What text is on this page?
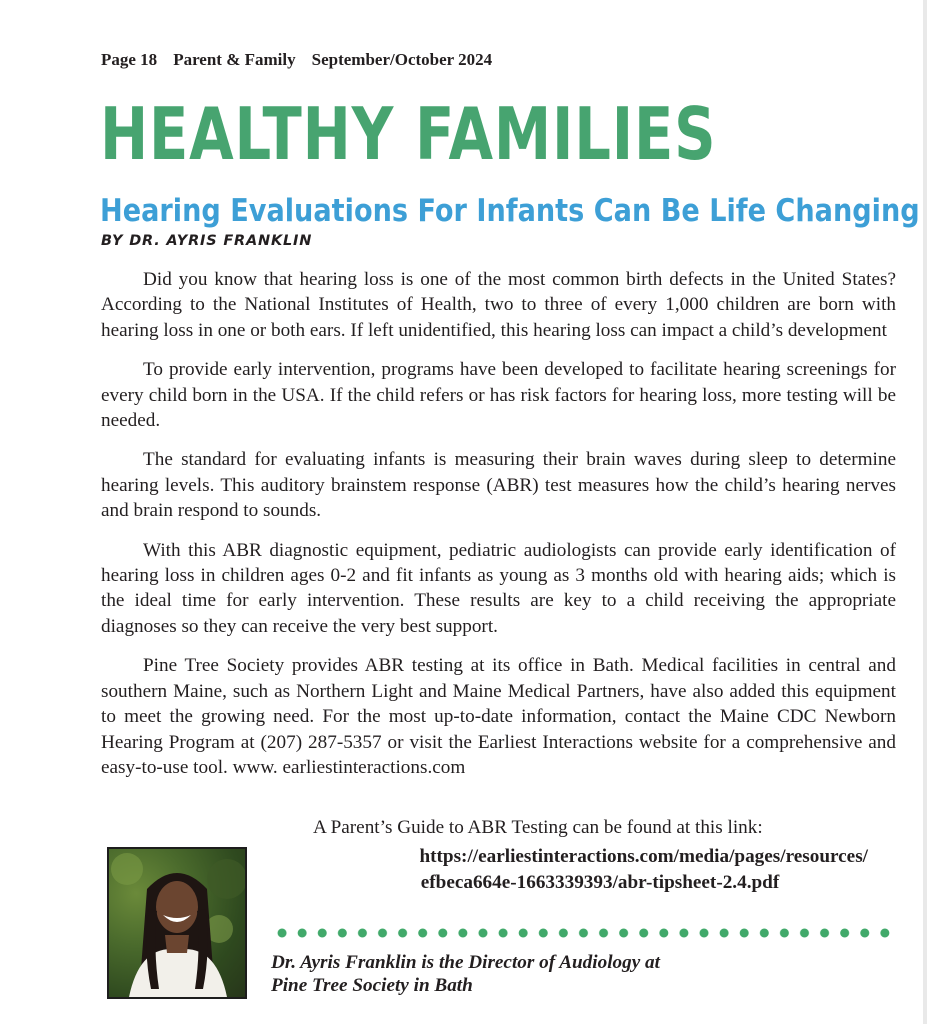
Page 18 Parent & Family September/October 2024
HEALTHY FAMILIES
Hearing Evaluations For Infants Can Be Life Changing
BY DR. AYRIS FRANKLIN

Did you know that hearing loss is one of the most common birth defects in the United States? According to the National Institutes of Health, two to three of every 1,000 children are born with hearing loss in one or both ears. If left unidentified, this hearing loss can impact a child’s development

To provide early intervention, programs have been developed to facilitate hearing screenings for every child born in the USA. If the child refers or has risk factors for hearing loss, more testing will be needed.

The standard for evaluating infants is measuring their brain waves during sleep to determine hearing levels. This auditory brainstem response (ABR) test measures how the child’s hearing nerves and brain respond to sounds.

With this ABR diagnostic equipment, pediatric audiologists can provide early identification of hearing loss in children ages 0-2 and fit infants as young as 3 months old with hearing aids; which is the ideal time for early intervention. These results are key to a child receiving the appropriate diagnoses so they can receive the very best support.

Pine Tree Society provides ABR testing at its office in Bath. Medical facilities in central and southern Maine, such as Northern Light and Maine Medical Partners, have also added this equipment to meet the growing need. For the most up-to-date information, contact the Maine CDC Newborn Hearing Program at (207) 287-5357 or visit the Earliest Interactions website for a comprehensive and easy-to-use tool. www. earliestinteractions.com

A Parent’s Guide to ABR Testing can be found at this link:
https://earliestinteractions.com/media/pages/resources/
efbeca664e-1663339393/abr-tipsheet-2.4.pdf
Dr. Ayris Franklin is the Director of Audiology at
Pine Tree Society in Bath
